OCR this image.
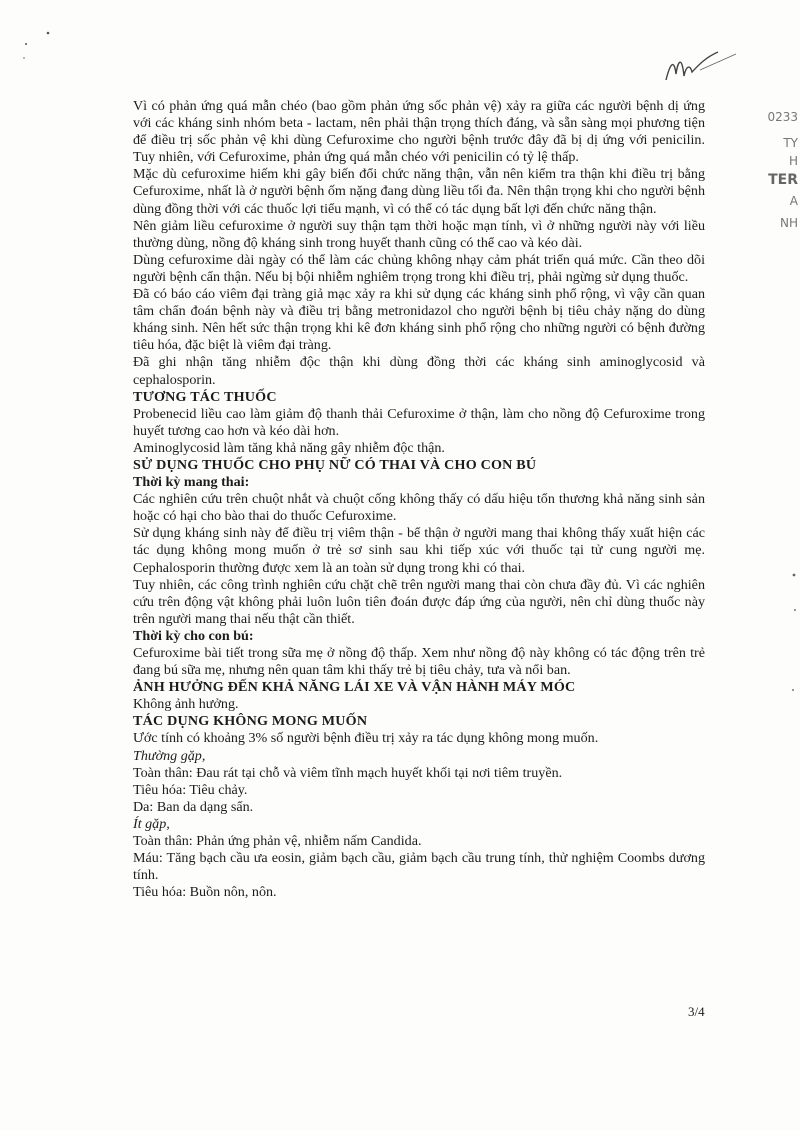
0233
TY
H
TER
A
NH

Vì có phản ứng quá mẫn chéo (bao gồm phản ứng sốc phản vệ) xảy ra giữa các người bệnh dị ứng với các kháng sinh nhóm beta - lactam, nên phải thận trọng thích đáng, và sẵn sàng mọi phương tiện để điều trị sốc phản vệ khi dùng Cefuroxime cho người bệnh trước đây đã bị dị ứng với penicilin. Tuy nhiên, với Cefuroxime, phản ứng quá mẫn chéo với penicilin có tỷ lệ thấp.

Mặc dù cefuroxime hiếm khi gây biến đổi chức năng thận, vẫn nên kiểm tra thận khi điều trị bằng Cefuroxime, nhất là ở người bệnh ốm nặng đang dùng liều tối đa. Nên thận trọng khi cho người bệnh dùng đồng thời với các thuốc lợi tiểu mạnh, vì có thể có tác dụng bất lợi đến chức năng thận.

Nên giảm liều cefuroxime ở người suy thận tạm thời hoặc mạn tính, vì ở những người này với liều thường dùng, nồng độ kháng sinh trong huyết thanh cũng có thể cao và kéo dài.

Dùng cefuroxime dài ngày có thể làm các chủng không nhạy cảm phát triển quá mức. Cần theo dõi người bệnh cẩn thận. Nếu bị bội nhiễm nghiêm trọng trong khi điều trị, phải ngừng sử dụng thuốc.

Đã có báo cáo viêm đại tràng giả mạc xảy ra khi sử dụng các kháng sinh phổ rộng, vì vậy cần quan tâm chẩn đoán bệnh này và điều trị bằng metronidazol cho người bệnh bị tiêu chảy nặng do dùng kháng sinh. Nên hết sức thận trọng khi kê đơn kháng sinh phổ rộng cho những người có bệnh đường tiêu hóa, đặc biệt là viêm đại tràng.

Đã ghi nhận tăng nhiễm độc thận khi dùng đồng thời các kháng sinh aminoglycosid và cephalosporin.

TƯƠNG TÁC THUỐC

Probenecid liều cao làm giảm độ thanh thải Cefuroxime ở thận, làm cho nồng độ Cefuroxime trong huyết tương cao hơn và kéo dài hơn.

Aminoglycosid làm tăng khả năng gây nhiễm độc thận.

SỬ DỤNG THUỐC CHO PHỤ NỮ CÓ THAI VÀ CHO CON BÚ

Thời kỳ mang thai:

Các nghiên cứu trên chuột nhắt và chuột cống không thấy có dấu hiệu tổn thương khả năng sinh sản hoặc có hại cho bào thai do thuốc Cefuroxime.

Sử dụng kháng sinh này để điều trị viêm thận - bể thận ở người mang thai không thấy xuất hiện các tác dụng không mong muốn ở trẻ sơ sinh sau khi tiếp xúc với thuốc tại tử cung người mẹ. Cephalosporin thường được xem là an toàn sử dụng trong khi có thai.

Tuy nhiên, các công trình nghiên cứu chặt chẽ trên người mang thai còn chưa đầy đủ. Vì các nghiên cứu trên động vật không phải luôn luôn tiên đoán được đáp ứng của người, nên chỉ dùng thuốc này trên người mang thai nếu thật cần thiết.

Thời kỳ cho con bú:

Cefuroxime bài tiết trong sữa mẹ ở nồng độ thấp. Xem như nồng độ này không có tác động trên trẻ đang bú sữa mẹ, nhưng nên quan tâm khi thấy trẻ bị tiêu chảy, tưa và nổi ban.

ẢNH HƯỞNG ĐẾN KHẢ NĂNG LÁI XE VÀ VẬN HÀNH MÁY MÓC

Không ảnh hưởng.

TÁC DỤNG KHÔNG MONG MUỐN

Ước tính có khoảng 3% số người bệnh điều trị xảy ra tác dụng không mong muốn.

Thường gặp,

Toàn thân: Đau rát tại chỗ và viêm tĩnh mạch huyết khối tại nơi tiêm truyền.

Tiêu hóa: Tiêu chảy.

Da: Ban da dạng sẩn.

Ít gặp,

Toàn thân: Phản ứng phản vệ, nhiễm nấm Candida.

Máu: Tăng bạch cầu ưa eosin, giảm bạch cầu, giảm bạch cầu trung tính, thử nghiệm Coombs dương tính.

Tiêu hóa: Buồn nôn, nôn.

3/4
